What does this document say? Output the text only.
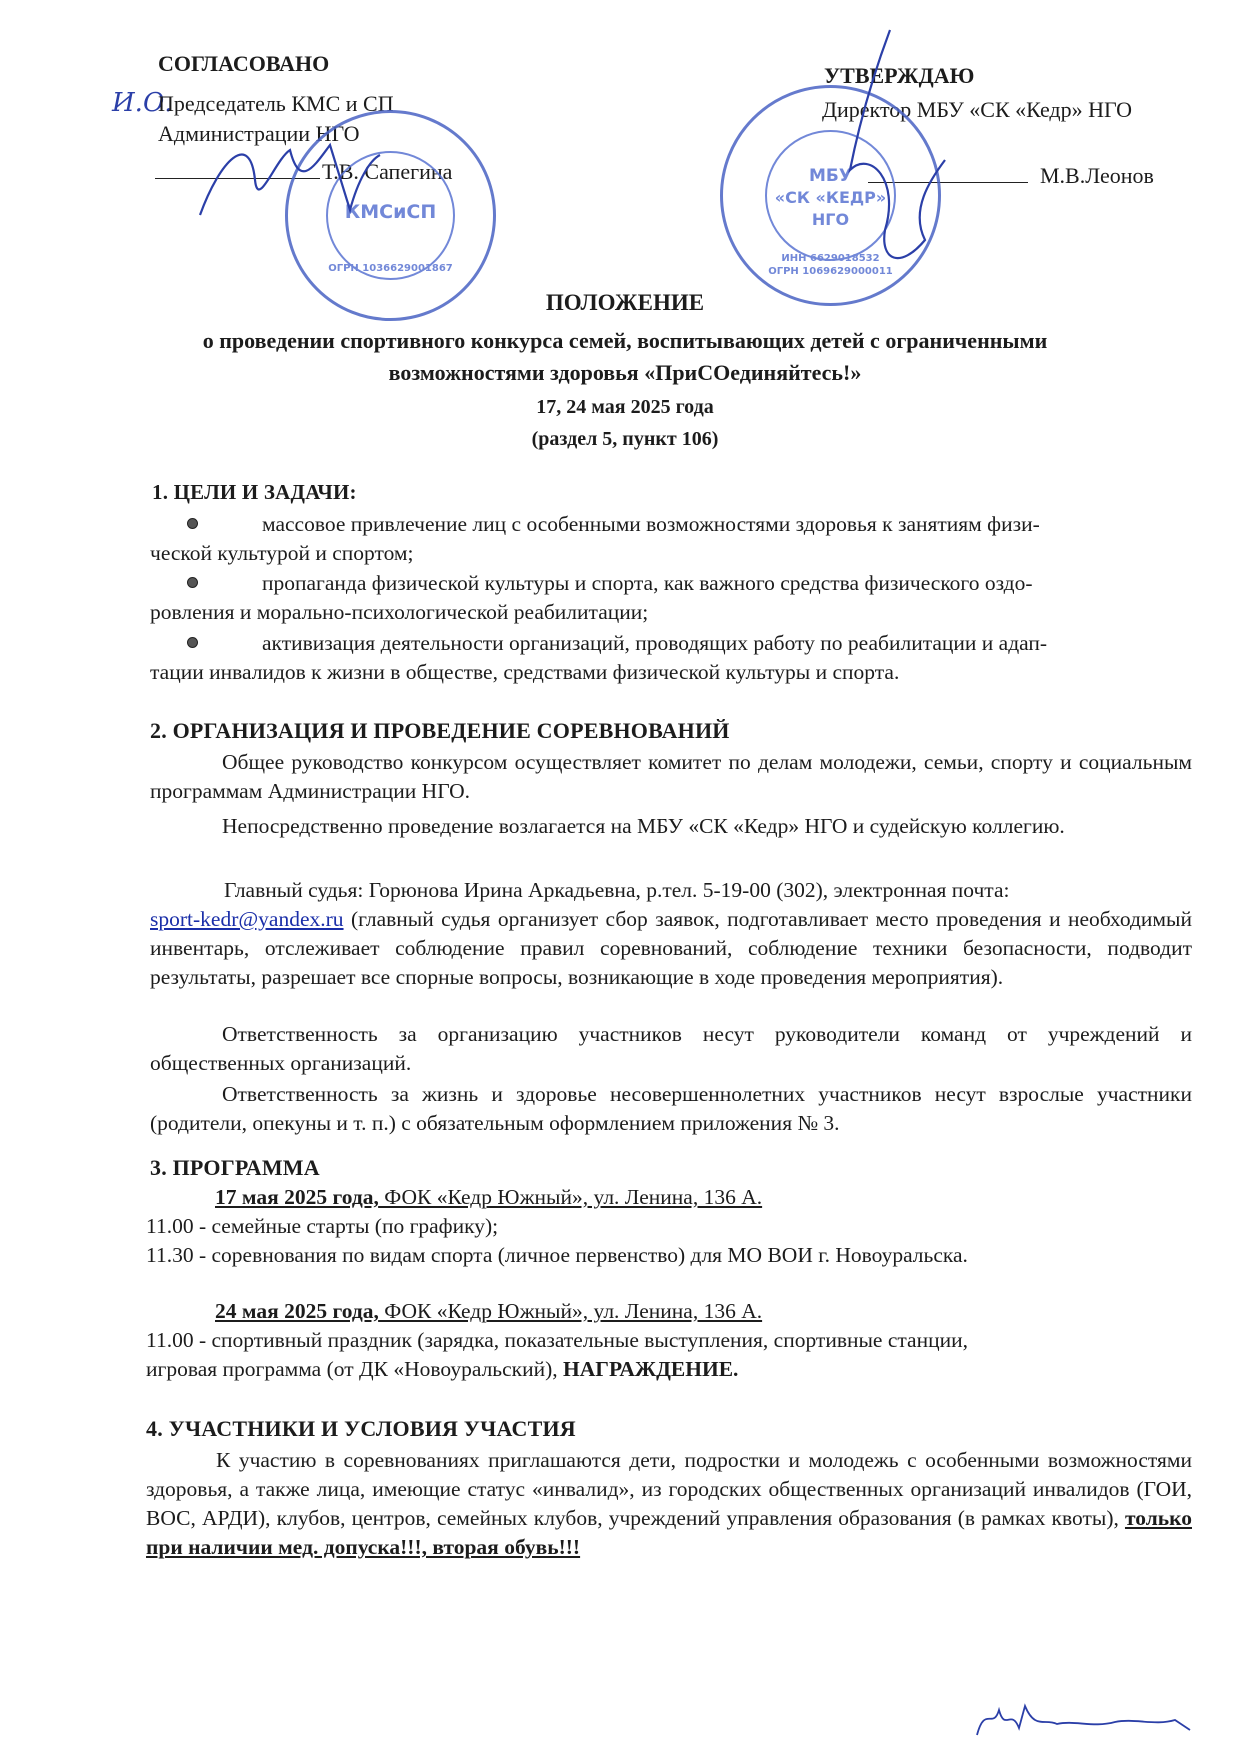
СОГЛАСОВАНО
И.О.
Председатель КМС и СП
Администрации НГО
Т.В. Сапегина
УТВЕРЖДАЮ
Директор МБУ «СК «Кедр» НГО
М.В.Леонов
КМСиСП
ОГРН 1036629001867
МБУ
«СК «КЕДР»
НГО
ИНН 6629018532
ОГРН 1069629000011
ПОЛОЖЕНИЕ
о проведении спортивного конкурса семей, воспитывающих детей с ограниченными
возможностями здоровья «ПриСОединяйтесь!»
17, 24 мая 2025 года
(раздел 5, пункт 106)
1. ЦЕЛИ И ЗАДАЧИ:
массовое привлечение лиц с особенными возможностями здоровья к занятиям физи-
ческой культурой и спортом;
пропаганда физической культуры и спорта, как важного средства физического оздо-
ровления и морально-психологической реабилитации;
активизация деятельности организаций, проводящих работу по реабилитации и адап-
тации инвалидов к жизни в обществе, средствами физической культуры и спорта.
2. ОРГАНИЗАЦИЯ И ПРОВЕДЕНИЕ СОРЕВНОВАНИЙ
Общее руководство конкурсом осуществляет комитет по делам молодежи, семьи, спорту и социальным программам Администрации НГО.
Непосредственно проведение возлагается на МБУ «СК «Кедр» НГО и судейскую коллегию.
Главный судья: Горюнова Ирина Аркадьевна, р.тел. 5-19-00 (302), электронная почта:
sport-kedr@yandex.ru (главный судья организует сбор заявок, подготавливает место проведения и необходимый инвентарь, отслеживает соблюдение правил соревнований, соблюдение техники безопасности, подводит результаты, разрешает все спорные вопросы, возникающие в ходе проведения мероприятия).
Ответственность за организацию участников несут руководители команд от учреждений и общественных организаций.
Ответственность за жизнь и здоровье несовершеннолетних участников несут взрослые участники (родители, опекуны и т. п.) с обязательным оформлением приложения № 3.
3. ПРОГРАММА
17 мая 2025 года, ФОК «Кедр Южный», ул. Ленина, 136 А.
11.00 - семейные старты (по графику);
11.30 - соревнования по видам спорта (личное первенство) для МО ВОИ г. Новоуральска.
24 мая 2025 года, ФОК «Кедр Южный», ул. Ленина, 136 А.
11.00 - спортивный праздник (зарядка, показательные выступления, спортивные станции,
игровая программа (от ДК «Новоуральский), НАГРАЖДЕНИЕ.
4. УЧАСТНИКИ И УСЛОВИЯ УЧАСТИЯ
К участию в соревнованиях приглашаются дети, подростки и молодежь с особенными возможностями здоровья, а также лица, имеющие статус «инвалид», из городских общественных организаций инвалидов (ГОИ, ВОС, АРДИ), клубов, центров, семейных клубов, учреждений управления образования (в рамках квоты), только при наличии мед. допуска!!!, вторая обувь!!!
